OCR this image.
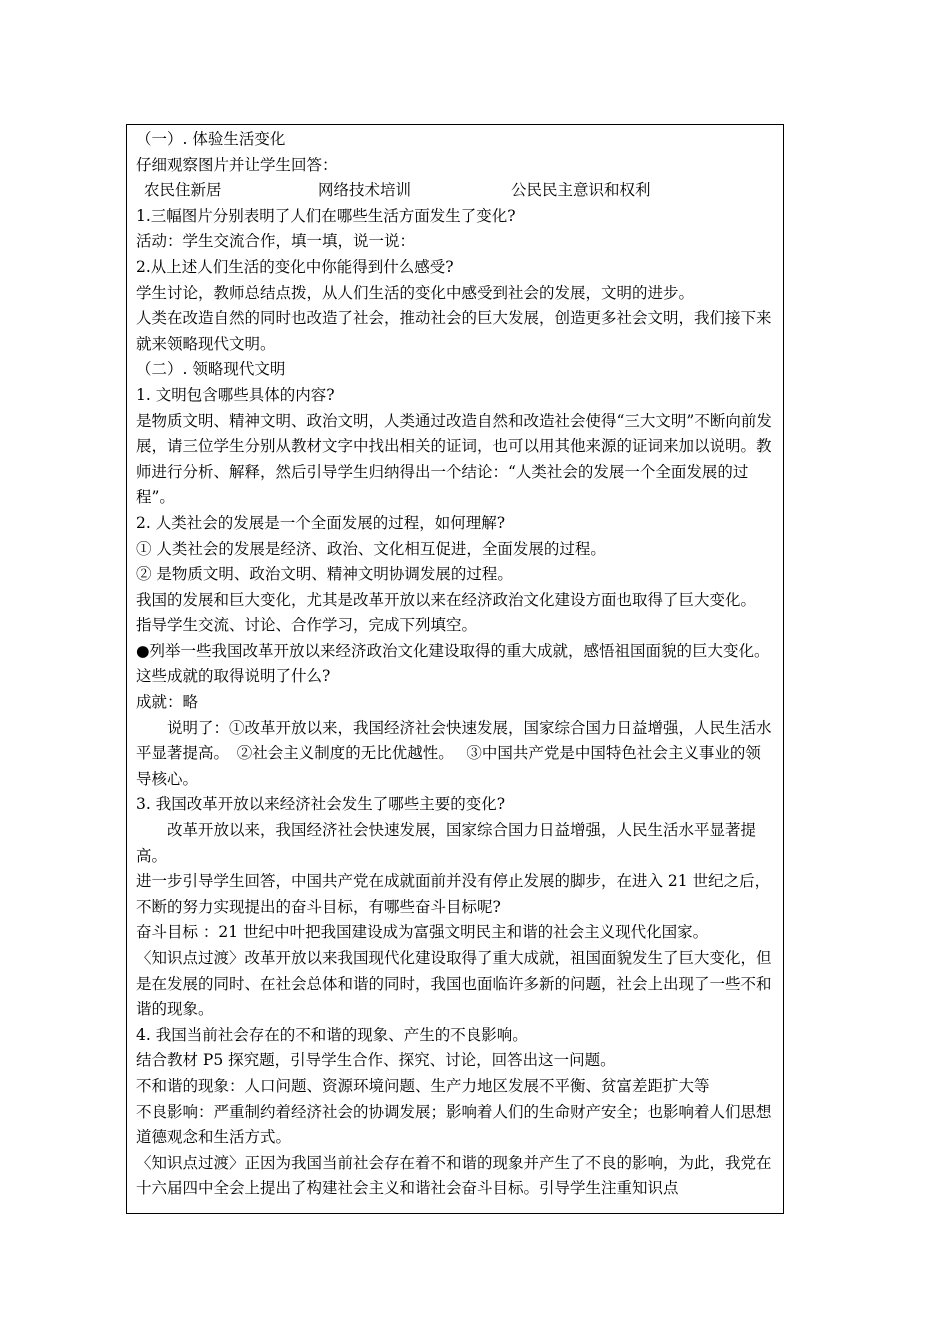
（一）. 体验生活变化

仔细观察图片并让学生回答：

农民住新居	网络技术培训	公民民主意识和权利

1.三幅图片分别表明了人们在哪些生活方面发生了变化?

活动：学生交流合作，填一填，说一说：

2.从上述人们生活的变化中你能得到什么感受?

学生讨论，教师总结点拨，从人们生活的变化中感受到社会的发展，文明的进步。

人类在改造自然的同时也改造了社会，推动社会的巨大发展，创造更多社会文明，我们接下来就来领略现代文明。

（二）. 领略现代文明

1. 文明包含哪些具体的内容?

是物质文明、精神文明、政治文明，人类通过改造自然和改造社会使得“三大文明”不断向前发展，请三位学生分别从教材文字中找出相关的证词，也可以用其他来源的证词来加以说明。教师进行分析、解释，然后引导学生归纳得出一个结论：“人类社会的发展一个全面发展的过程”。

2. 人类社会的发展是一个全面发展的过程，如何理解?

① 人类社会的发展是经济、政治、文化相互促进，全面发展的过程。

② 是物质文明、政治文明、精神文明协调发展的过程。

我国的发展和巨大变化，尤其是改革开放以来在经济政治文化建设方面也取得了巨大变化。

指导学生交流、讨论、合作学习，完成下列填空。

●列举一些我国改革开放以来经济政治文化建设取得的重大成就，感悟祖国面貌的巨大变化。这些成就的取得说明了什么?

成就：略

说明了：①改革开放以来，我国经济社会快速发展，国家综合国力日益增强，人民生活水平显著提高。　②社会主义制度的无比优越性。　 ③中国共产党是中国特色社会主义事业的领导核心。

3. 我国改革开放以来经济社会发生了哪些主要的变化?

改革开放以来，我国经济社会快速发展，国家综合国力日益增强，人民生活水平显著提高。

进一步引导学生回答，中国共产党在成就面前并没有停止发展的脚步，在进入 21 世纪之后，不断的努力实现提出的奋斗目标，有哪些奋斗目标呢?

奋斗目标 ：21 世纪中叶把我国建设成为富强文明民主和谐的社会主义现代化国家。

〈知识点过渡〉改革开放以来我国现代化建设取得了重大成就，祖国面貌发生了巨大变化，但是在发展的同时、在社会总体和谐的同时，我国也面临许多新的问题，社会上出现了一些不和谐的现象。

4. 我国当前社会存在的不和谐的现象、产生的不良影响。

结合教材 P5 探究题，引导学生合作、探究、讨论，回答出这一问题。

不和谐的现象：人口问题、资源环境问题、生产力地区发展不平衡、贫富差距扩大等

不良影响：严重制约着经济社会的协调发展；影响着人们的生命财产安全；也影响着人们思想道德观念和生活方式。

〈知识点过渡〉正因为我国当前社会存在着不和谐的现象并产生了不良的影响，为此，我党在十六届四中全会上提出了构建社会主义和谐社会奋斗目标。引导学生注重知识点
